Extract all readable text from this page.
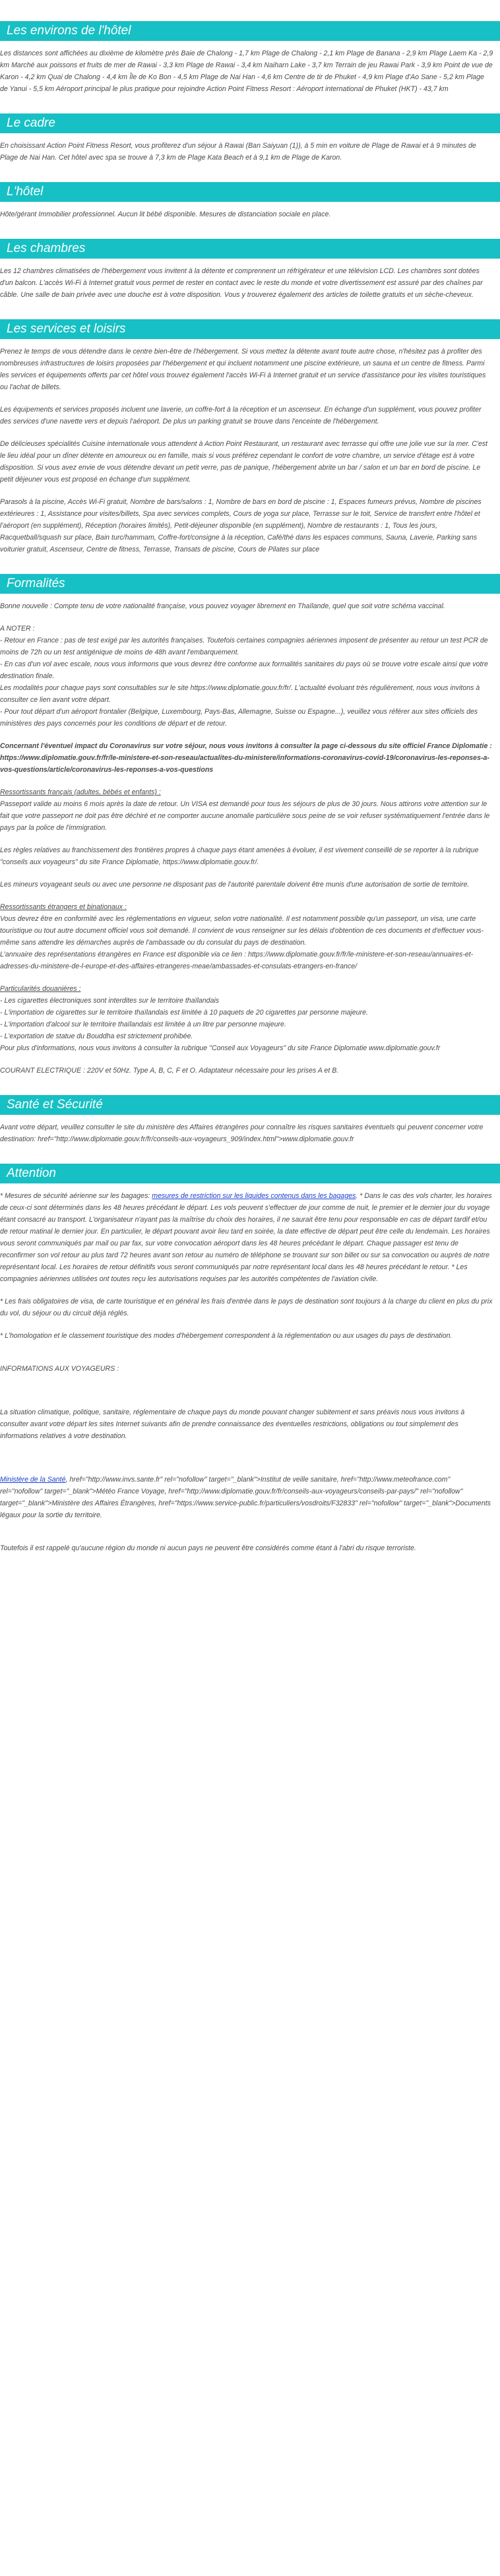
Les environs de l'hôtel

Les distances sont affichées au dixième de kilomètre près Baie de Chalong - 1,7 km Plage de Chalong - 2,1 km Plage de Banana - 2,9 km Plage Laem Ka - 2,9 km Marché aux poissons et fruits de mer de Rawai - 3,3 km Plage de Rawai - 3,4 km Naiharn Lake - 3,7 km Terrain de jeu Rawai Park - 3,9 km Point de vue de Karon - 4,2 km Quai de Chalong - 4,4 km Île de Ko Bon - 4,5 km Plage de Nai Han - 4,6 km Centre de tir de Phuket - 4,9 km Plage d'Ao Sane - 5,2 km Plage de Yanui - 5,5 km Aéroport principal le plus pratique pour rejoindre Action Point Fitness Resort : Aéroport international de Phuket (HKT) - 43,7 km

Le cadre

En choisissant Action Point Fitness Resort, vous profiterez d'un séjour à Rawai (Ban Saiyuan (1)), à 5 min en voiture de Plage de Rawai et à 9 minutes de Plage de Nai Han. Cet hôtel avec spa se trouve à 7,3 km de Plage Kata Beach et à 9,1 km de Plage de Karon.

L'hôtel

Hôte/gérant Immobilier professionnel. Aucun lit bébé disponible. Mesures de distanciation sociale en place.

Les chambres

Les 12 chambres climatisées de l'hébergement vous invitent à la détente et comprennent un réfrigérateur et une télévision LCD. Les chambres sont dotées d'un balcon. L'accès Wi-Fi à Internet gratuit vous permet de rester en contact avec le reste du monde et votre divertissement est assuré par des chaînes par câble. Une salle de bain privée avec une douche est à votre disposition. Vous y trouverez également des articles de toilette gratuits et un sèche-cheveux.

Les services et loisirs

Prenez le temps de vous détendre dans le centre bien-être de l'hébergement. Si vous mettez la détente avant toute autre chose, n'hésitez pas à profiter des nombreuses infrastructures de loisirs proposées par l'hébergement et qui incluent notamment une piscine extérieure, un sauna et un centre de fitness. Parmi les services et équipements offerts par cet hôtel vous trouvez également l'accès Wi-Fi à Internet gratuit et un service d'assistance pour les visites touristiques ou l'achat de billets.

Les équipements et services proposés incluent une laverie, un coffre-fort à la réception et un ascenseur. En échange d'un supplément, vous pouvez profiter des services d'une navette vers et depuis l'aéroport. De plus un parking gratuit se trouve dans l'enceinte de l'hébergement.

De délicieuses spécialités Cuisine internationale vous attendent à Action Point Restaurant, un restaurant avec terrasse qui offre une jolie vue sur la mer. C'est le lieu idéal pour un dîner détente en amoureux ou en famille, mais si vous préférez cependant le confort de votre chambre, un service d'étage est à votre disposition. Si vous avez envie de vous détendre devant un petit verre, pas de panique, l'hébergement abrite un bar / salon et un bar en bord de piscine. Le petit déjeuner vous est proposé en échange d'un supplément.

Parasols à la piscine, Accès Wi-Fi gratuit, Nombre de bars/salons : 1, Nombre de bars en bord de piscine : 1, Espaces fumeurs prévus, Nombre de piscines extérieures : 1, Assistance pour visites/billets, Spa avec services complets, Cours de yoga sur place, Terrasse sur le toit, Service de transfert entre l'hôtel et l'aéroport (en supplément), Réception (horaires limités), Petit-déjeuner disponible (en supplément), Nombre de restaurants : 1, Tous les jours, Racquetball/squash sur place, Bain turc/hammam, Coffre-fort/consigne à la réception, Café/thé dans les espaces communs, Sauna, Laverie, Parking sans voiturier gratuit, Ascenseur, Centre de fitness, Terrasse, Transats de piscine, Cours de Pilates sur place

Formalités

Bonne nouvelle : Compte tenu de votre nationalité française, vous pouvez voyager librement en Thaïlande, quel que soit votre schéma vaccinal.

A NOTER :
- Retour en France : pas de test exigé par les autorités françaises. Toutefois certaines compagnies aériennes imposent de présenter au retour un test PCR de moins de 72h ou un test antigénique de moins de 48h avant l'embarquement.
- En cas d'un vol avec escale, nous vous informons que vous devrez être conforme aux formalités sanitaires du pays où se trouve votre escale ainsi que votre destination finale.
Les modalités pour chaque pays sont consultables sur le site https://www.diplomatie.gouv.fr/fr/. L'actualité évoluant très régulièrement, nous vous invitons à consulter ce lien avant votre départ.
- Pour tout départ d'un aéroport frontalier (Belgique, Luxembourg, Pays-Bas, Allemagne, Suisse ou Espagne...), veuillez vous référer aux sites officiels des ministères des pays concernés pour les conditions de départ et de retour.

Concernant l'éventuel impact du Coronavirus sur votre séjour, nous vous invitons à consulter la page ci-dessous du site officiel France Diplomatie : https://www.diplomatie.gouv.fr/fr/le-ministere-et-son-reseau/actualites-du-ministere/informations-coronavirus-covid-19/coronavirus-les-reponses-a-vos-questions/article/coronavirus-les-reponses-a-vos-questions

Ressortissants français (adultes, bébés et enfants) :
Passeport valide au moins 6 mois après la date de retour. Un VISA est demandé pour tous les séjours de plus de 30 jours. Nous attirons votre attention sur le fait que votre passeport ne doit pas être déchiré et ne comporter aucune anomalie particulière sous peine de se voir refuser systématiquement l'entrée dans le pays par la police de l'immigration.

Les règles relatives au franchissement des frontières propres à chaque pays étant amenées à évoluer, il est vivement conseillé de se reporter à la rubrique "conseils aux voyageurs" du site France Diplomatie, https://www.diplomatie.gouv.fr/.

Les mineurs voyageant seuls ou avec une personne ne disposant pas de l'autorité parentale doivent être munis d'une autorisation de sortie de territoire.

Ressortissants étrangers et binationaux :
Vous devrez être en conformité avec les réglementations en vigueur, selon votre nationalité. Il est notamment possible qu'un passeport, un visa, une carte touristique ou tout autre document officiel vous soit demandé. Il convient de vous renseigner sur les délais d'obtention de ces documents et d'effectuer vous-même sans attendre les démarches auprès de l'ambassade ou du consulat du pays de destination.
L'annuaire des représentations étrangères en France est disponible via ce lien : https://www.diplomatie.gouv.fr/fr/le-ministere-et-son-reseau/annuaires-et-adresses-du-ministere-de-l-europe-et-des-affaires-etrangeres-meae/ambassades-et-consulats-etrangers-en-france/

Particularités douanières :
- Les cigarettes électroniques sont interdites sur le territoire thaïlandais
- L'importation de cigarettes sur le territoire thaïlandais est limitée à 10 paquets de 20 cigarettes par personne majeure.
- L'importation d'alcool sur le territoire thaïlandais est limitée à un litre par personne majeure.
- L'exportation de statue du Bouddha est strictement prohibée.
Pour plus d'informations, nous vous invitons à consulter la rubrique "Conseil aux Voyageurs" du site France Diplomatie www.diplomatie.gouv.fr

COURANT ELECTRIQUE : 220V et 50Hz. Type A, B, C, F et O. Adaptateur nécessaire pour les prises A et B.

Santé et Sécurité

Avant votre départ, veuillez consulter le site du ministère des Affaires étrangères pour connaître les risques sanitaires éventuels qui peuvent concerner votre destination: href="http://www.diplomatie.gouv.fr/fr/conseils-aux-voyageurs_909/index.html">www.diplomatie.gouv.fr

Attention

* Mesures de sécurité aérienne sur les bagages: mesures de restriction sur les liquides contenus dans les bagages. * Dans le cas des vols charter, les horaires de ceux-ci sont déterminés dans les 48 heures précédant le départ. Les vols peuvent s'effectuer de jour comme de nuit, le premier et le dernier jour du voyage étant consacré au transport. L'organisateur n'ayant pas la maîtrise du choix des horaires, il ne saurait être tenu pour responsable en cas de départ tardif et/ou de retour matinal le dernier jour. En particulier, le départ pouvant avoir lieu tard en soirée, la date effective de départ peut être celle du lendemain. Les horaires vous seront communiqués par mail ou par fax, sur votre convocation aéroport dans les 48 heures précédant le départ. Chaque passager est tenu de reconfirmer son vol retour au plus tard 72 heures avant son retour au numéro de téléphone se trouvant sur son billet ou sur sa convocation ou auprès de notre représentant local. Les horaires de retour définitifs vous seront communiqués par notre représentant local dans les 48 heures précédant le retour. * Les compagnies aériennes utilisées ont toutes reçu les autorisations requises par les autorités compétentes de l'aviation civile.

* Les frais obligatoires de visa, de carte touristique et en général les frais d'entrée dans le pays de destination sont toujours à la charge du client en plus du prix du vol, du séjour ou du circuit déjà réglés.

* L'homologation et le classement touristique des modes d'hébergement correspondent à la réglementation ou aux usages du pays de destination.

INFORMATIONS AUX VOYAGEURS :

La situation climatique, politique, sanitaire, réglementaire de chaque pays du monde pouvant changer subitement et sans préavis nous vous invitons à consulter avant votre départ les sites Internet suivants afin de prendre connaissance des éventuelles restrictions, obligations ou tout simplement des informations relatives à votre destination.

Ministère de la Santé, href="http://www.invs.sante.fr" rel="nofollow" target="_blank">Institut de veille sanitaire, href="http://www.meteofrance.com" rel="nofollow" target="_blank">Météo France Voyage, href="http://www.diplomatie.gouv.fr/fr/conseils-aux-voyageurs/conseils-par-pays/" rel="nofollow" target="_blank">Ministère des Affaires Étrangères, href="https://www.service-public.fr/particuliers/vosdroits/F32833" rel="nofollow" target="_blank">Documents légaux pour la sortie du territoire.

Toutefois il est rappelé qu'aucune région du monde ni aucun pays ne peuvent être considérés comme étant à l'abri du risque terroriste.
